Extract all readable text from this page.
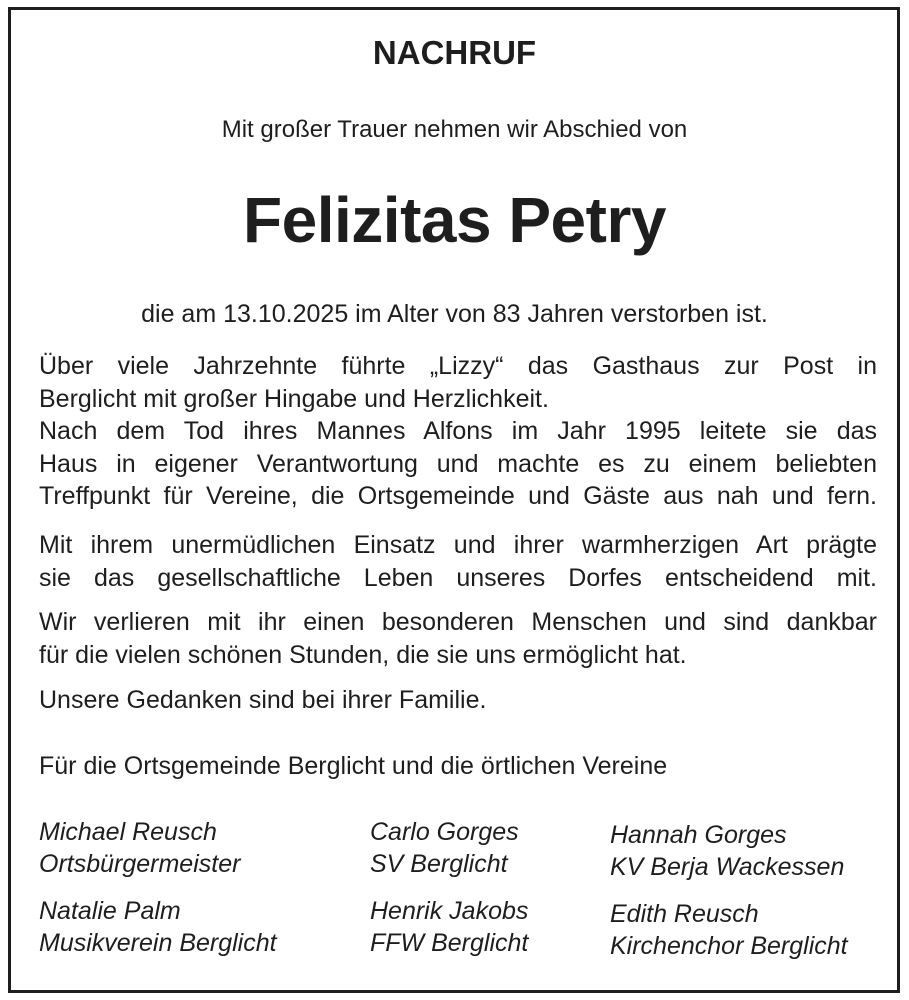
NACHRUF
Mit großer Trauer nehmen wir Abschied von
Felizitas Petry
die am 13.10.2025 im Alter von 83 Jahren verstorben ist.
Über viele Jahrzehnte führte „Lizzy“ das Gasthaus zur Post in
Berglicht mit großer Hingabe und Herzlichkeit.
Nach dem Tod ihres Mannes Alfons im Jahr 1995 leitete sie das
Haus in eigener Verantwortung und machte es zu einem beliebten
Treffpunkt für Vereine, die Ortsgemeinde und Gäste aus nah und fern.
Mit ihrem unermüdlichen Einsatz und ihrer warmherzigen Art prägte
sie das gesellschaftliche Leben unseres Dorfes entscheidend mit.
Wir verlieren mit ihr einen besonderen Menschen und sind dankbar
für die vielen schönen Stunden, die sie uns ermöglicht hat.
Unsere Gedanken sind bei ihrer Familie.
Für die Ortsgemeinde Berglicht und die örtlichen Vereine
Michael Reusch
Ortsbürgermeister
Carlo Gorges
SV Berglicht
Hannah Gorges
KV Berja Wackessen
Natalie Palm
Musikverein Berglicht
Henrik Jakobs
FFW Berglicht
Edith Reusch
Kirchenchor Berglicht
